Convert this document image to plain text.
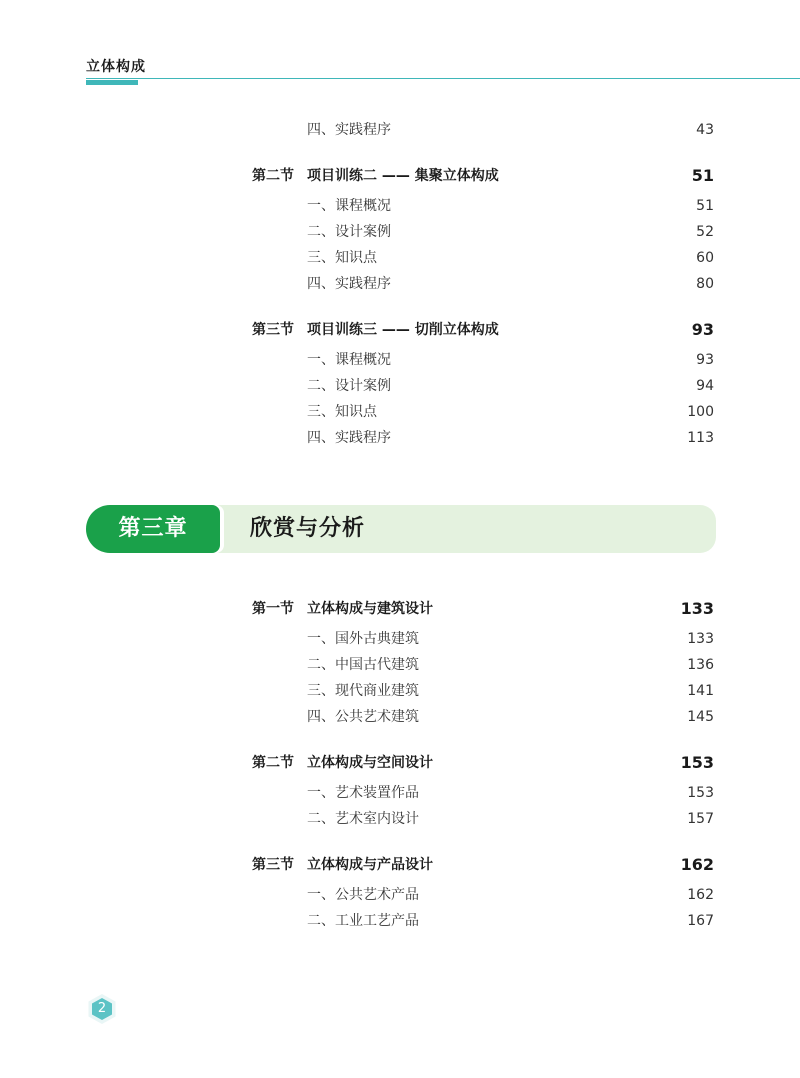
立体构成
四、实践程序	43
第二节 项目训练二 —— 集聚立体构成	51
一、课程概况	51
二、设计案例	52
三、知识点	60
四、实践程序	80
第三节 项目训练三 —— 切削立体构成	93
一、课程概况	93
二、设计案例	94
三、知识点	100
四、实践程序	113
第三章	欣赏与分析
第一节 立体构成与建筑设计	133
一、国外古典建筑	133
二、中国古代建筑	136
三、现代商业建筑	141
四、公共艺术建筑	145
第二节 立体构成与空间设计	153
一、艺术装置作品	153
二、艺术室内设计	157
第三节 立体构成与产品设计	162
一、公共艺术产品	162
二、工业工艺产品	167
2
